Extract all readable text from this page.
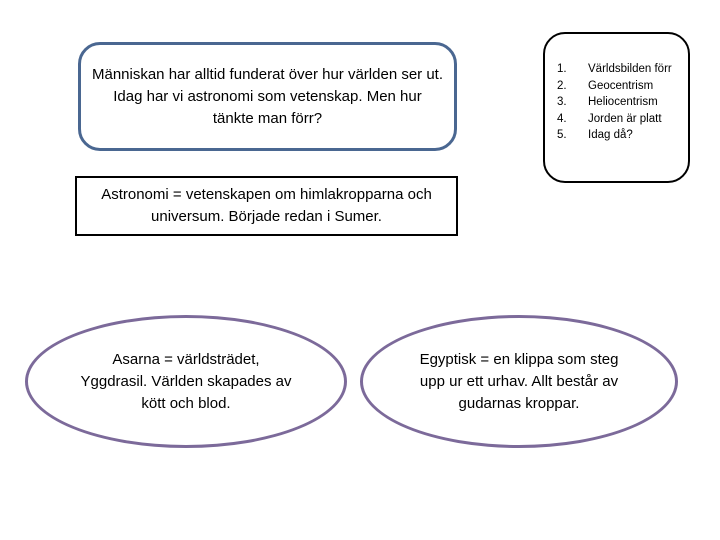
Människan har alltid funderat över hur världen ser ut. Idag har vi astronomi som vetenskap. Men hur tänkte man förr?
1.	Världsbilden förr
2.	Geocentrism
3.	Heliocentrism
4.	Jorden är platt
5.	Idag då?
Astronomi = vetenskapen om himlakropparna och universum. Började redan i Sumer.
Asarna = världsträdet, Yggdrasil. Världen skapades av kött och blod.
Egyptisk = en klippa som steg upp ur ett urhav. Allt består av gudarnas kroppar.
